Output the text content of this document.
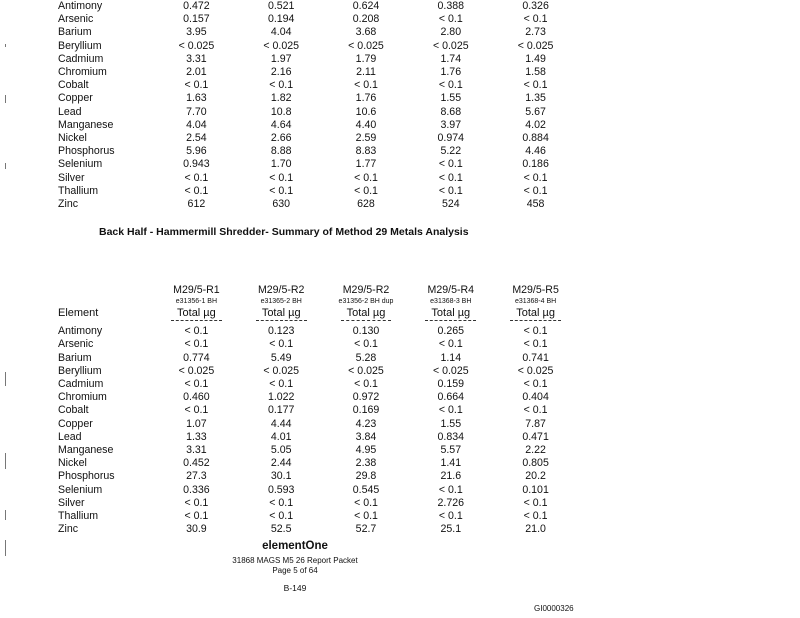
Antimony	0.472	0.521	0.624	0.388	0.326
Arsenic	0.157	0.194	0.208	< 0.1	< 0.1
Barium	3.95	4.04	3.68	2.80	2.73
Beryllium	< 0.025	< 0.025	< 0.025	< 0.025	< 0.025
Cadmium	3.31	1.97	1.79	1.74	1.49
Chromium	2.01	2.16	2.11	1.76	1.58
Cobalt	< 0.1	< 0.1	< 0.1	< 0.1	< 0.1
Copper	1.63	1.82	1.76	1.55	1.35
Lead	7.70	10.8	10.6	8.68	5.67
Manganese	4.04	4.64	4.40	3.97	4.02
Nickel	2.54	2.66	2.59	0.974	0.884
Phosphorus	5.96	8.88	8.83	5.22	4.46
Selenium	0.943	1.70	1.77	< 0.1	0.186
Silver	< 0.1	< 0.1	< 0.1	< 0.1	< 0.1
Thallium	< 0.1	< 0.1	< 0.1	< 0.1	< 0.1
Zinc	612	630	628	524	458
Back Half - Hammermill Shredder- Summary of Method 29 Metals Analysis
	M29/5-R1	M29/5-R2	M29/5-R2	M29/5-R4	M29/5-R5
	e31356-1 BH	e31365-2 BH	e31356-2 BH dup	e31368-3 BH	e31368-4 BH
Element	Total µg	Total µg	Total µg	Total µg	Total µg

Antimony	< 0.1	0.123	0.130	0.265	< 0.1
Arsenic	< 0.1	< 0.1	< 0.1	< 0.1	< 0.1
Barium	0.774	5.49	5.28	1.14	0.741
Beryllium	< 0.025	< 0.025	< 0.025	< 0.025	< 0.025
Cadmium	< 0.1	< 0.1	< 0.1	0.159	< 0.1
Chromium	0.460	1.022	0.972	0.664	0.404
Cobalt	< 0.1	0.177	0.169	< 0.1	< 0.1
Copper	1.07	4.44	4.23	1.55	7.87
Lead	1.33	4.01	3.84	0.834	0.471
Manganese	3.31	5.05	4.95	5.57	2.22
Nickel	0.452	2.44	2.38	1.41	0.805
Phosphorus	27.3	30.1	29.8	21.6	20.2
Selenium	0.336	0.593	0.545	< 0.1	0.101
Silver	< 0.1	< 0.1	< 0.1	2.726	< 0.1
Thallium	< 0.1	< 0.1	< 0.1	< 0.1	< 0.1
Zinc	30.9	52.5	52.7	25.1	21.0
elementOne
31868 MAGS M5 26 Report Packet
Page 5 of 64
B-149
GI0000326
